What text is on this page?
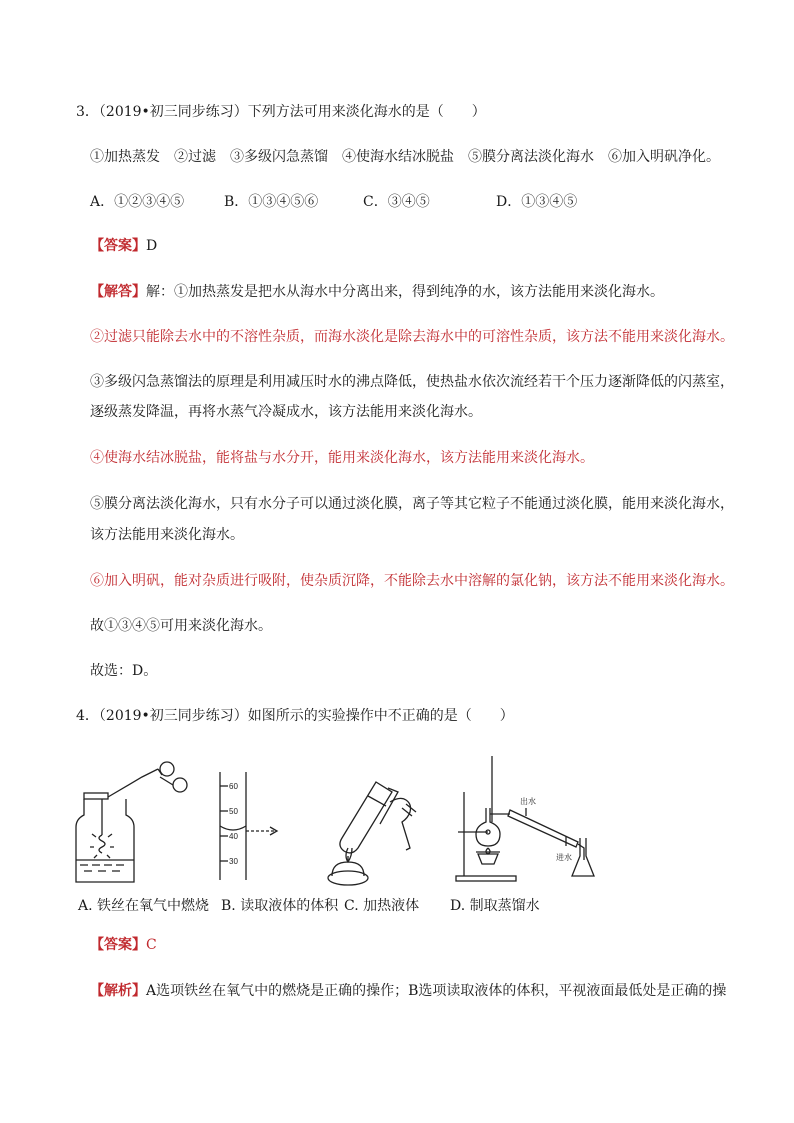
3．（2019•初三同步练习）下列方法可用来淡化海水的是（　　）
①加热蒸发　②过滤　③多级闪急蒸馏　④使海水结冰脱盐　⑤膜分离法淡化海水　⑥加入明矾净化。
A．①②③④⑤	B．①③④⑤⑥	C．③④⑤	D．①③④⑤
【答案】D
【解答】解：①加热蒸发是把水从海水中分离出来，得到纯净的水，该方法能用来淡化海水。
②过滤只能除去水中的不溶性杂质，而海水淡化是除去海水中的可溶性杂质，该方法不能用来淡化海水。
③多级闪急蒸馏法的原理是利用减压时水的沸点降低，使热盐水依次流经若干个压力逐渐降低的闪蒸室，
逐级蒸发降温，再将水蒸气冷凝成水，该方法能用来淡化海水。
④使海水结冰脱盐，能将盐与水分开，能用来淡化海水，该方法能用来淡化海水。
⑤膜分离法淡化海水，只有水分子可以通过淡化膜，离子等其它粒子不能通过淡化膜，能用来淡化海水，
该方法能用来淡化海水。
⑥加入明矾，能对杂质进行吸附，使杂质沉降，不能除去水中溶解的氯化钠，该方法不能用来淡化海水。
故①③④⑤可用来淡化海水。
故选：D。
4．（2019•初三同步练习）如图所示的实验操作中不正确的是（　　）
60
50
40
30
出水
进水
A. 铁丝在氧气中燃烧 B. 读取液体的体积 C. 加热液体 D. 制取蒸馏水
【答案】C
【解析】A选项铁丝在氧气中的燃烧是正确的操作；B选项读取液体的体积，平视液面最低处是正确的操
